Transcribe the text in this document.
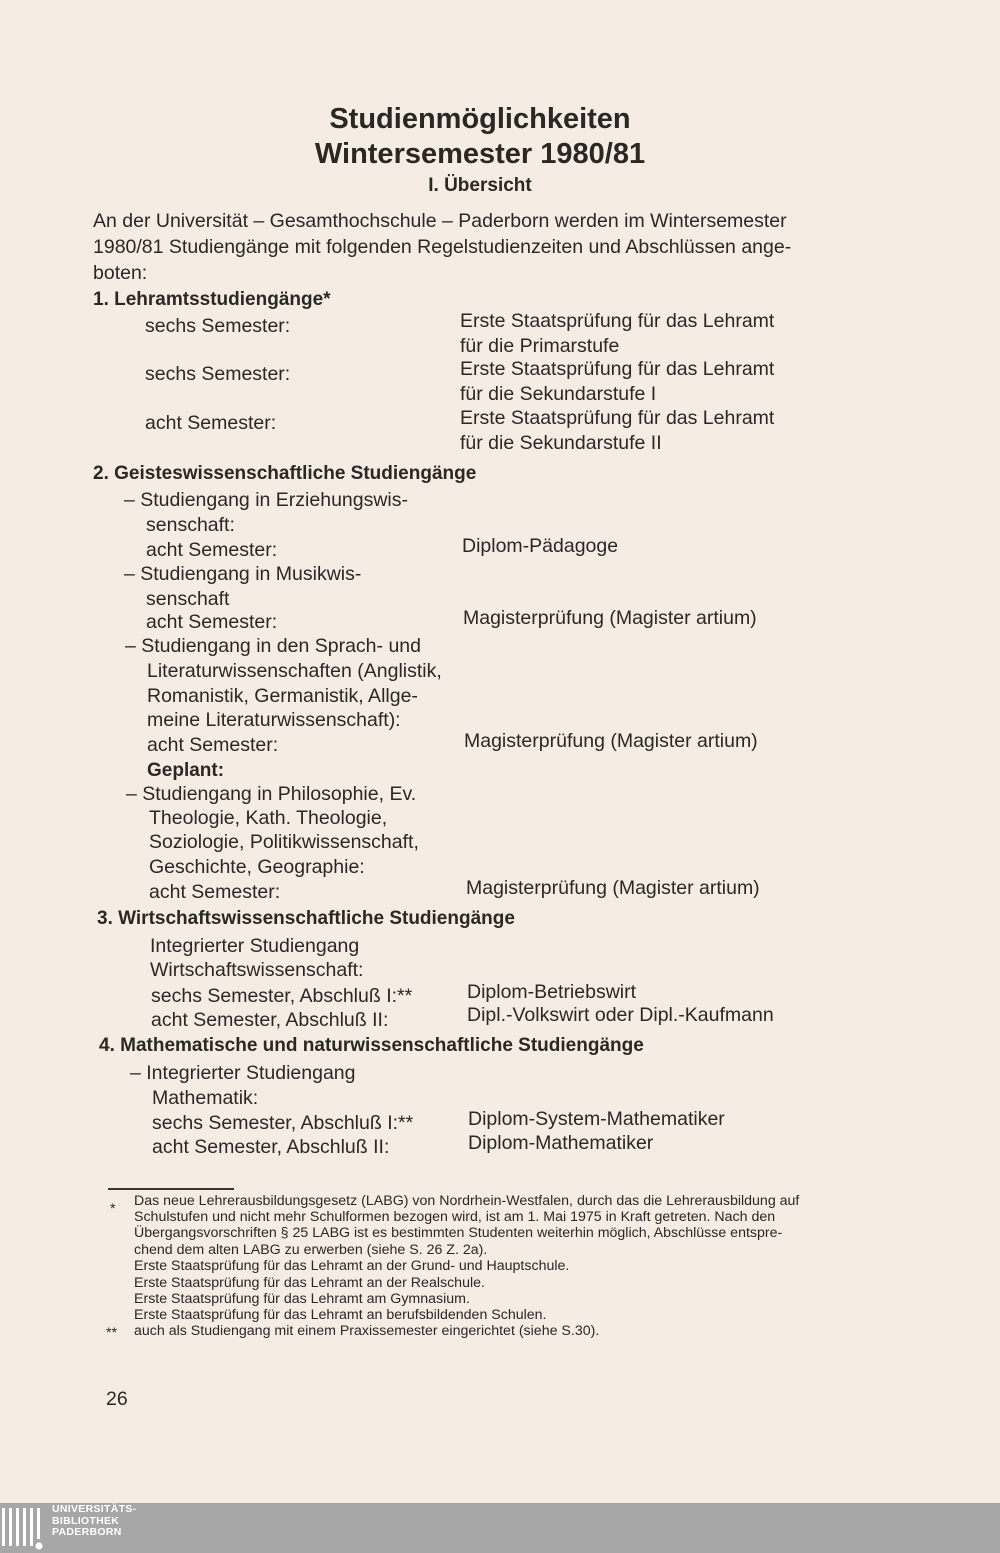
Studienmöglichkeiten
Wintersemester 1980/81
I. Übersicht
An der Universität – Gesamthochschule – Paderborn werden im Wintersemester
1980/81 Studiengänge mit folgenden Regelstudienzeiten und Abschlüssen ange-
boten:
1. Lehramtsstudiengänge*
sechs Semester:	Erste Staatsprüfung für das Lehramt
für die Primarstufe
sechs Semester:	Erste Staatsprüfung für das Lehramt
für die Sekundarstufe I
acht Semester:	Erste Staatsprüfung für das Lehramt
für die Sekundarstufe II
2. Geisteswissenschaftliche Studiengänge
– Studiengang in Erziehungswis-
senschaft:
acht Semester:	Diplom-Pädagoge
– Studiengang in Musikwis-
senschaft
acht Semester:	Magisterprüfung (Magister artium)
– Studiengang in den Sprach- und
Literaturwissenschaften (Anglistik,
Romanistik, Germanistik, Allge-
meine Literaturwissenschaft):
acht Semester:	Magisterprüfung (Magister artium)
Geplant:
– Studiengang in Philosophie, Ev.
Theologie, Kath. Theologie,
Soziologie, Politikwissenschaft,
Geschichte, Geographie:
acht Semester:	Magisterprüfung (Magister artium)
3. Wirtschaftswissenschaftliche Studiengänge
Integrierter Studiengang
Wirtschaftswissenschaft:
sechs Semester, Abschluß I:**	Diplom-Betriebswirt
acht Semester, Abschluß II:	Dipl.-Volkswirt oder Dipl.-Kaufmann
4. Mathematische und naturwissenschaftliche Studiengänge
– Integrierter Studiengang
Mathematik:
sechs Semester, Abschluß I:**	Diplom-System-Mathematiker
acht Semester, Abschluß II:	Diplom-Mathematiker
* Das neue Lehrerausbildungsgesetz (LABG) von Nordrhein-Westfalen, durch das die Lehrerausbildung auf
Schulstufen und nicht mehr Schulformen bezogen wird, ist am 1. Mai 1975 in Kraft getreten. Nach den
Übergangsvorschriften § 25 LABG ist es bestimmten Studenten weiterhin möglich, Abschlüsse entspre-
chend dem alten LABG zu erwerben (siehe S. 26 Z. 2a).
Erste Staatsprüfung für das Lehramt an der Grund- und Hauptschule.
Erste Staatsprüfung für das Lehramt an der Realschule.
Erste Staatsprüfung für das Lehramt am Gymnasium.
Erste Staatsprüfung für das Lehramt an berufsbildenden Schulen.
** auch als Studiengang mit einem Praxissemester eingerichtet (siehe S.30).
26
UNIVERSITÄTS-
BIBLIOTHEK
PADERBORN
